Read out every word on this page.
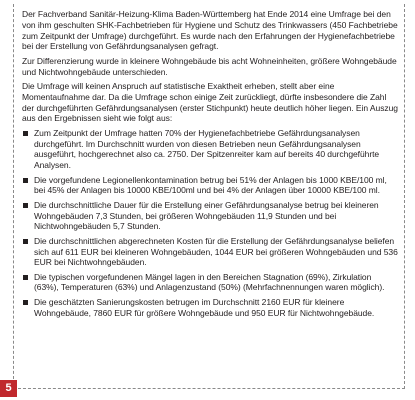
Der Fachverband Sanitär-Heizung-Klima Baden-Württemberg hat Ende 2014 eine Umfrage bei den von ihm geschulten SHK-Fachbetrieben für Hygiene und Schutz des Trinkwassers (450 Fachbetriebe zum Zeitpunkt der Umfrage) durchgeführt. Es wurde nach den Erfahrungen der Hygienefachbetriebe bei der Erstellung von Gefährdungsanalysen gefragt.

Zur Differenzierung wurde in kleinere Wohngebäude bis acht Wohneinheiten, größere Wohngebäude und Nichtwohngebäude unterschieden.

Die Umfrage will keinen Anspruch auf statistische Exaktheit erheben, stellt aber eine Momentaufnahme dar. Da die Umfrage schon einige Zeit zurückliegt, dürfte insbesondere die Zahl der durchgeführten Gefährdungsanalysen (erster Stichpunkt) heute deutlich höher liegen. Ein Auszug aus den Ergebnissen sieht wie folgt aus:

Zum Zeitpunkt der Umfrage hatten 70% der Hygienefachbetriebe Gefährdungsanalysen durchgeführt. Im Durchschnitt wurden von diesen Betrieben neun Gefährdungsanalysen ausgeführt, hochgerechnet also ca. 2750. Der Spitzenreiter kam auf bereits 40 durchgeführte Analysen.
Die vorgefundene Legionellenkontamination betrug bei 51% der Anlagen bis 1000 KBE/100 ml, bei 45% der Anlagen bis 10000 KBE/100ml und bei 4% der Anlagen über 10000 KBE/100 ml.
Die durchschnittliche Dauer für die Erstellung einer Gefährdungsanalyse betrug bei kleineren Wohngebäuden 7,3 Stunden, bei größeren Wohngebäuden 11,9 Stunden und bei Nichtwohngebäuden 5,7 Stunden.
Die durchschnittlichen abgerechneten Kosten für die Erstellung der Gefährdungsanalyse beliefen sich auf 611 EUR bei kleineren Wohngebäuden, 1044 EUR bei größeren Wohngebäuden und 536 EUR bei Nichtwohngebäuden.
Die typischen vorgefundenen Mängel lagen in den Bereichen Stagnation (69%), Zirkulation (63%), Temperaturen (63%) und Anlagenzustand (50%) (Mehrfachnennungen waren möglich).
Die geschätzten Sanierungskosten betrugen im Durchschnitt 2160 EUR für kleinere Wohngebäude, 7860 EUR für größere Wohngebäude und 950 EUR für Nichtwohngebäude.
5
